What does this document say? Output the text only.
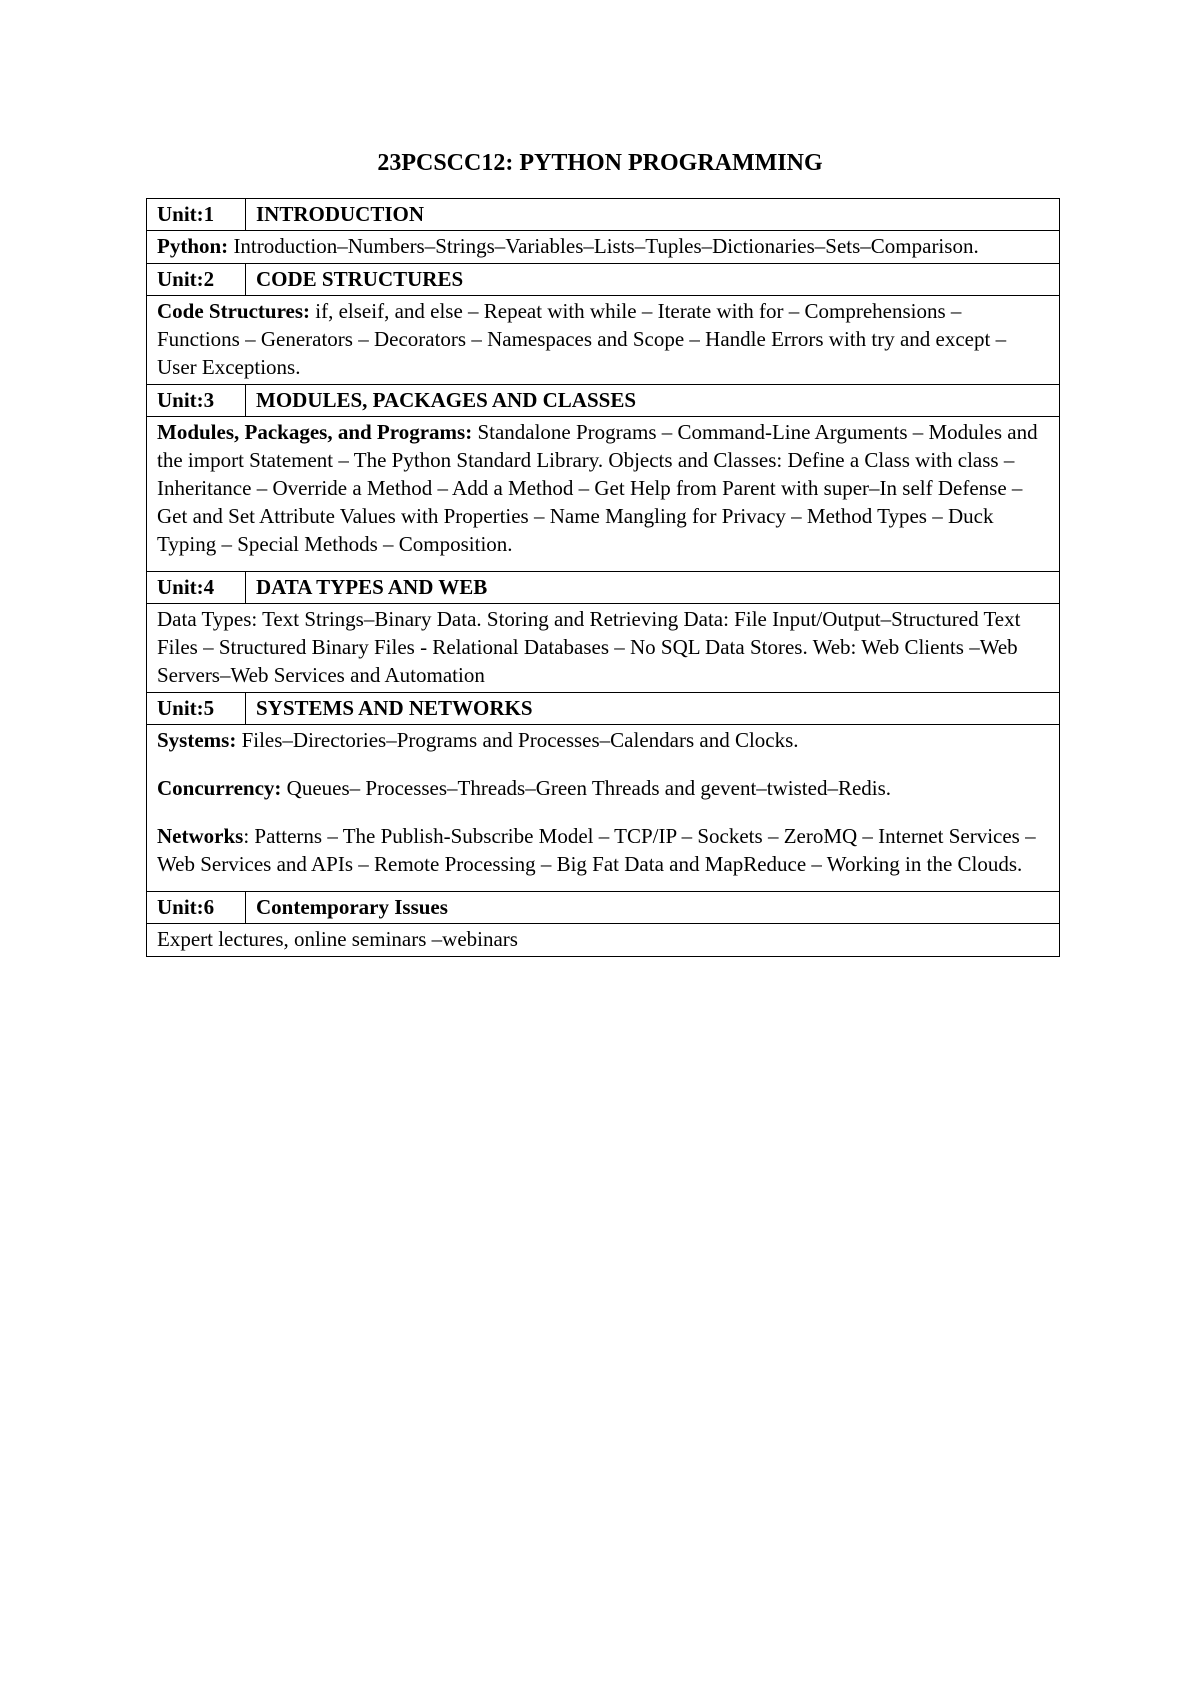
23PCSCC12: PYTHON PROGRAMMING
Unit:1	INTRODUCTION

Python: Introduction–Numbers–Strings–Variables–Lists–Tuples–Dictionaries–Sets–Comparison.	

Unit:2	CODE STRUCTURES

Code Structures: if, elseif, and else – Repeat with while – Iterate with for – Comprehensions – Functions – Generators – Decorators – Namespaces and Scope – Handle Errors with try and except – User Exceptions.	

Unit:3	MODULES, PACKAGES AND CLASSES

Modules, Packages, and Programs: Standalone Programs – Command-Line Arguments – Modules and the import Statement – The Python Standard Library. Objects and Classes: Define a Class with class – Inheritance – Override a Method – Add a Method – Get Help from Parent with super–In self Defense –Get and Set Attribute Values with Properties – Name Mangling for Privacy – Method Types – Duck Typing – Special Methods – Composition.	

Unit:4	DATA TYPES AND WEB

Data Types: Text Strings–Binary Data. Storing and Retrieving Data: File Input/Output–Structured Text Files – Structured Binary Files - Relational Databases – No SQL Data Stores. Web: Web Clients –Web Servers–Web Services and Automation	

Unit:5	SYSTEMS AND NETWORKS

Systems: Files–Directories–Programs and Processes–Calendars and Clocks.

Concurrency: Queues– Processes–Threads–Green Threads and gevent–twisted–Redis.

Networks: Patterns – The Publish-Subscribe Model – TCP/IP – Sockets – ZeroMQ – Internet Services – Web Services and APIs – Remote Processing – Big Fat Data and MapReduce – Working in the Clouds.	

Unit:6	Contemporary Issues

Expert lectures, online seminars –webinars	
